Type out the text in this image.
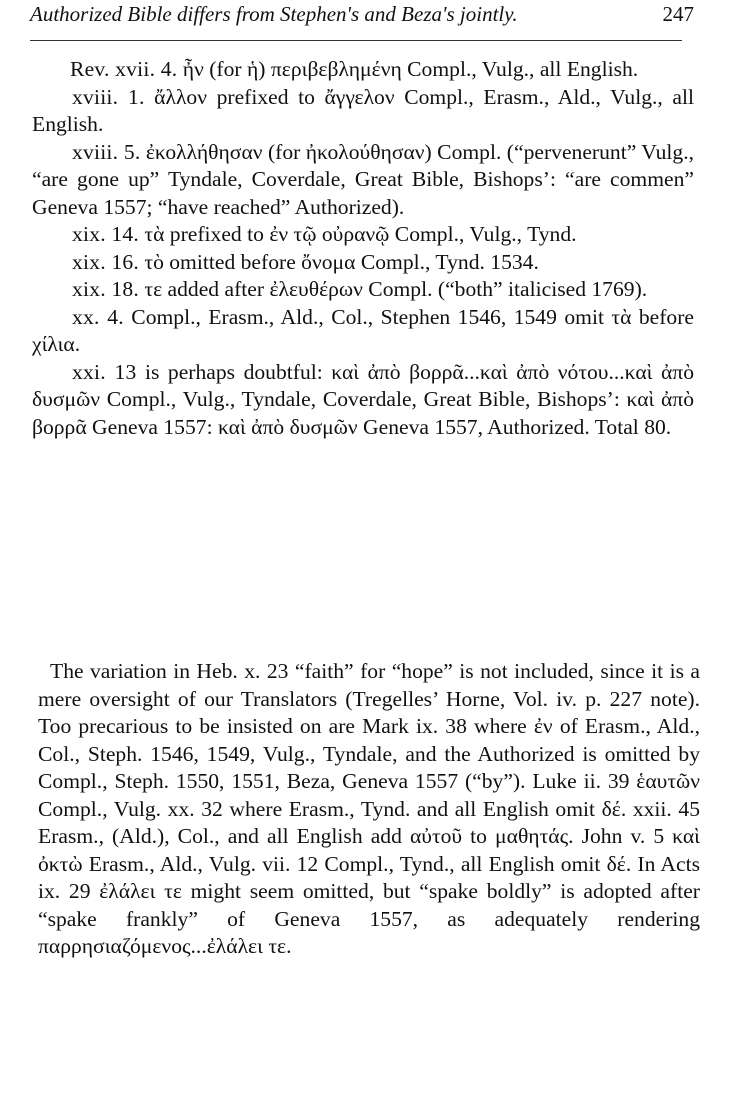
Authorized Bible differs from Stephen's and Beza's jointly.	247

Rev. xvii. 4. ἦν (for ἡ) περιβεβλημένη Compl., Vulg., all English.

xviii. 1. ἄλλον prefixed to ἄγγελον Compl., Erasm., Ald., Vulg., all English.

xviii. 5. ἐκολλήθησαν (for ἠκολούθησαν) Compl. (“pervenerunt” Vulg., “are gone up” Tyndale, Coverdale, Great Bible, Bishops’: “are commen” Geneva 1557; “have reached” Authorized).

xix. 14. τὰ prefixed to ἐν τῷ οὐρανῷ Compl., Vulg., Tynd.

xix. 16. τὸ omitted before ὄνομα Compl., Tynd. 1534.

xix. 18. τε added after ἐλευθέρων Compl. (“both” italicised 1769).

xx. 4. Compl., Erasm., Ald., Col., Stephen 1546, 1549 omit τὰ before χίλια.

xxi. 13 is perhaps doubtful: καὶ ἀπὸ βορρᾶ...καὶ ἀπὸ νότου...καὶ ἀπὸ δυσμῶν Compl., Vulg., Tyndale, Coverdale, Great Bible, Bishops’: καὶ ἀπὸ βορρᾶ Geneva 1557: καὶ ἀπὸ δυσμῶν Geneva 1557, Authorized. Total 80.

The variation in Heb. x. 23 “faith” for “hope” is not included, since it is a mere oversight of our Translators (Tregelles’ Horne, Vol. iv. p. 227 note). Too precarious to be insisted on are Mark ix. 38 where ἐν of Erasm., Ald., Col., Steph. 1546, 1549, Vulg., Tyndale, and the Authorized is omitted by Compl., Steph. 1550, 1551, Beza, Geneva 1557 (“by”). Luke ii. 39 ἑαυτῶν Compl., Vulg. xx. 32 where Erasm., Tynd. and all English omit δέ. xxii. 45 Erasm., (Ald.), Col., and all English add αὐτοῦ to μαθητάς. John v. 5 καὶ ὀκτὼ Erasm., Ald., Vulg. vii. 12 Compl., Tynd., all English omit δέ. In Acts ix. 29 ἐλάλει τε might seem omitted, but “spake boldly” is adopted after “spake frankly” of Geneva 1557, as adequately rendering παρρησιαζόμενος...ἐλάλει τε.
